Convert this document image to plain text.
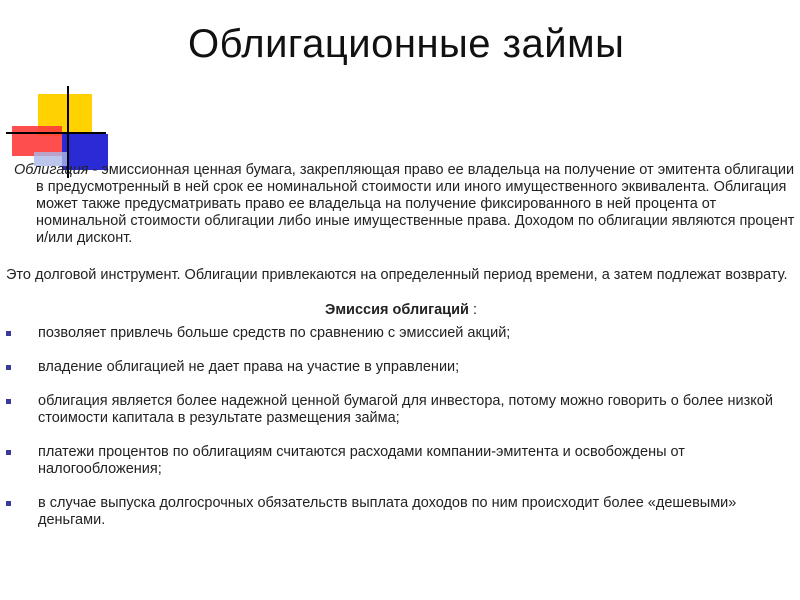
Облигационные займы

Облигация - эмиссионная ценная бумага, закрепляющая право ее владельца на получение от эмитента облигации в предусмотренный в ней срок ее номинальной стоимости или иного имущественного эквивалента. Облигация может также предусматривать право ее владельца на получение фиксированного в ней процента от номинальной стоимости облигации либо иные имущественные права. Доходом по облигации являются процент и/или дисконт.

Это долговой инструмент. Облигации привлекаются на определенный период времени, а затем подлежат возврату.

Эмиссия облигаций :

позволяет привлечь больше средств по сравнению с эмиссией акций;
владение облигацией не дает права на участие в управлении;
облигация является более надежной ценной бумагой для инвестора, потому можно говорить о более низкой стоимости капитала в результате размещения займа;
платежи процентов по облигациям считаются расходами компании-эмитента и освобождены от налогообложения;
в случае выпуска долгосрочных обязательств выплата доходов по ним происходит более «дешевыми» деньгами.
